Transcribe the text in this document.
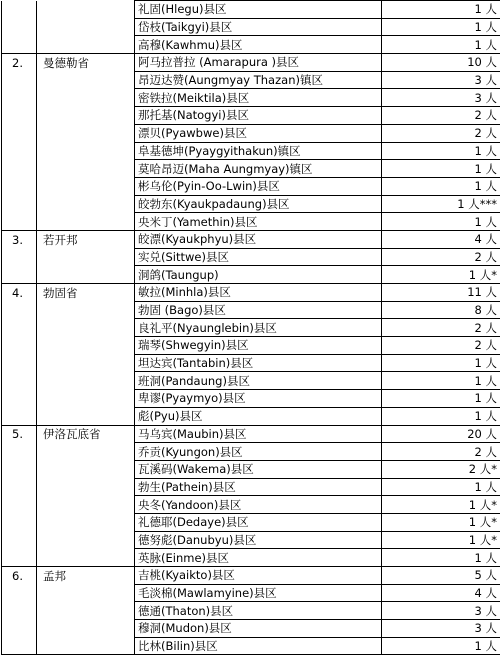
		礼固(Hlegu)县区	1 人
		岱枝(Taikgyi)县区	1 人
		高穆(Kawhmu)县区	1 人
2.	曼德勒省	阿马拉普拉 (Amarapura )县区	10 人
		昂迈达赞(Aungmyay Thazan)镇区	3 人
		密铁拉(Meiktila)县区	3 人
		那托基(Natogyi)县区	2 人
		漂贝(Pyawbwe)县区	2 人
		阜基德坤(Pyaygyithakun)镇区	1 人
		莫哈昂迈(Maha Aungmyay)镇区	1 人
		彬乌伦(Pyin-Oo-Lwin)县区	1 人
		皎勃东(Kyaukpadaung)县区	1 人***
		央米丁(Yamethin)县区	1 人
3.	若开邦	皎漂(Kyaukphyu)县区	4 人
		实兑(Sittwe)县区	2 人
		洞鸽(Taungup)	1 人*
4.	勃固省	敏拉(Minhla)县区	11 人
		勃固 (Bago)县区	8 人
		良礼平(Nyaunglebin)县区	2 人
		瑞琴(Shwegyin)县区	2 人
		坦达宾(Tantabin)县区	1 人
		班洞(Pandaung)县区	1 人
		卑谬(Pyaymyo)县区	1 人
		彪(Pyu)县区	1 人
5.	伊洛瓦底省	马乌宾(Maubin)县区	20 人
		乔贡(Kyungon)县区	2 人
		瓦溪码(Wakema)县区	2 人*
		勃生(Pathein)县区	1 人
		央冬(Yandoon)县区	1 人*
		礼德耶(Dedaye)县区	1 人*
		德努彪(Danubyu)县区	1 人*
		英脉(Einme)县区	1 人
6.	孟邦	吉桃(Kyaikto)县区	5 人
		毛淡棉(Mawlamyine)县区	4 人
		德通(Thaton)县区	3 人
		穆洞(Mudon)县区	3 人
		比林(Bilin)县区	1 人
